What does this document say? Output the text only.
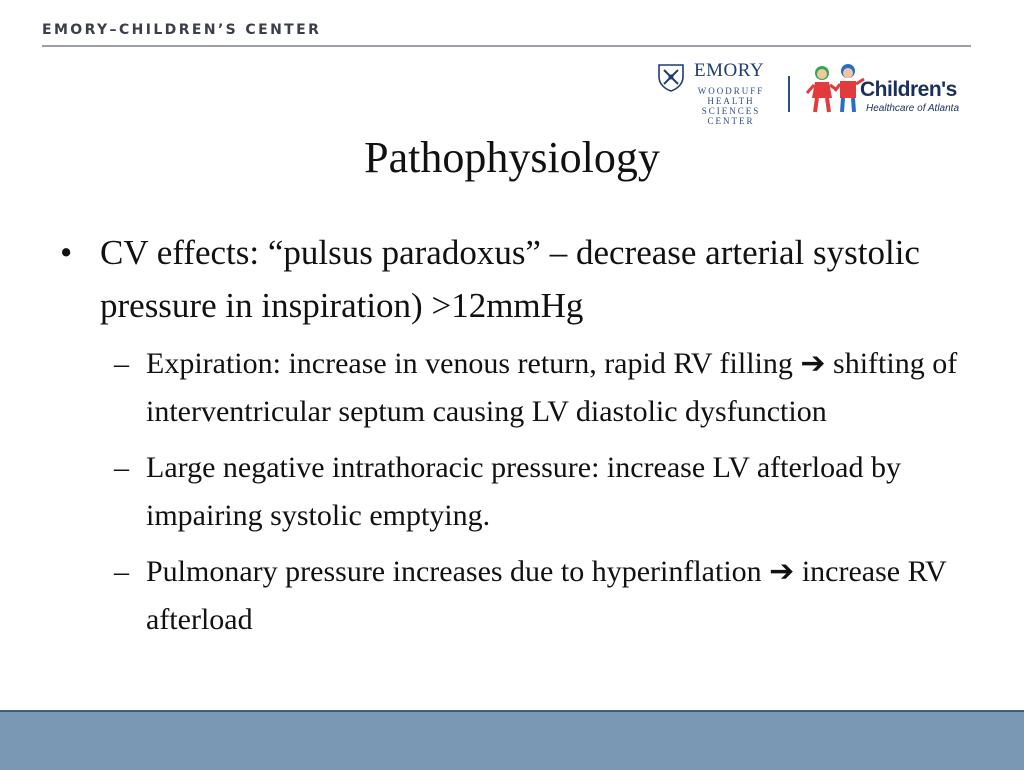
EMORY–CHILDREN’S CENTER
EMORY
WOODRUFF
HEALTH
SCIENCES
CENTER
Children's
Healthcare of Atlanta
Pathophysiology
• CV effects: “pulsus paradoxus” – decrease arterial systolic pressure in inspiration) >12mmHg
– Expiration: increase in venous return, rapid RV filling ➔ shifting of interventricular septum causing LV diastolic dysfunction
– Large negative intrathoracic pressure: increase LV afterload by impairing systolic emptying.
– Pulmonary pressure increases due to hyperinflation ➔ increase RV afterload
